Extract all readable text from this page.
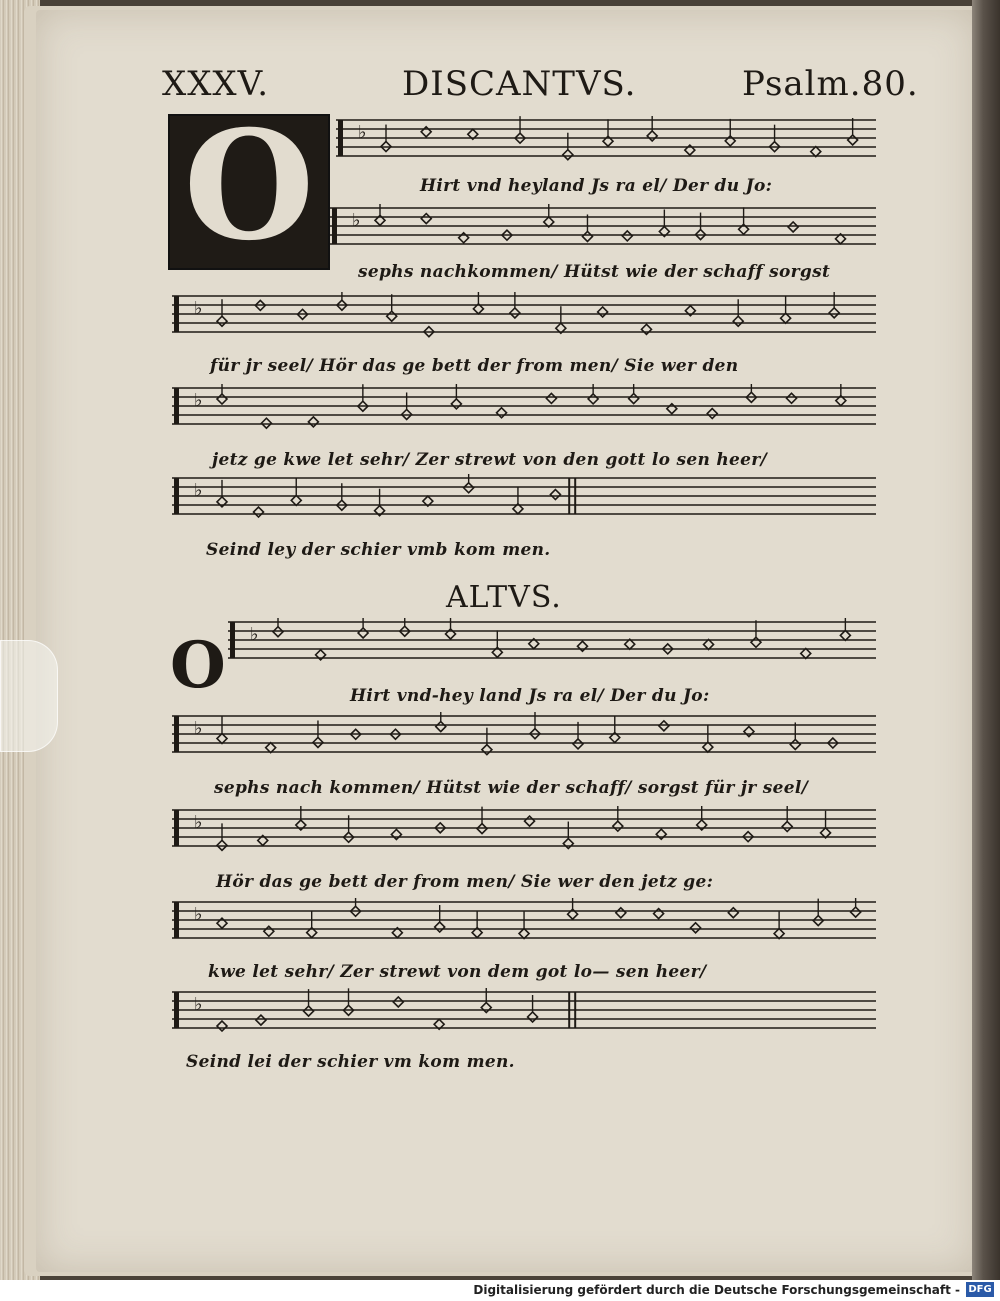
XXXV.	DISCANTVS.	Psalm.80.
O	♭
Hirt vnd heyland Js ra el/ Der du Jo:
♭
sephs nachkommen/ Hütst wie der schaff sorgst
♭
für jr seel/ Hör das ge bett der from men/ Sie wer den
♭
jetz ge kwe let sehr/ Zer strewt von den gott lo sen heer/
♭
Seind ley der schier vmb kom men.
ALTVS.
O ♭
Hirt vnd-hey land Js ra el/ Der du Jo:
♭
sephs nach kommen/ Hütst wie der schaff/ sorgst für jr seel/
♭
Hör das ge bett der from men/ Sie wer den jetz ge:
♭
kwe let sehr/ Zer strewt von dem got lo— sen heer/
♭
Seind lei der schier vm kom men.
Digitalisierung gefördert durch die Deutsche Forschungsgemeinschaft - DFG
